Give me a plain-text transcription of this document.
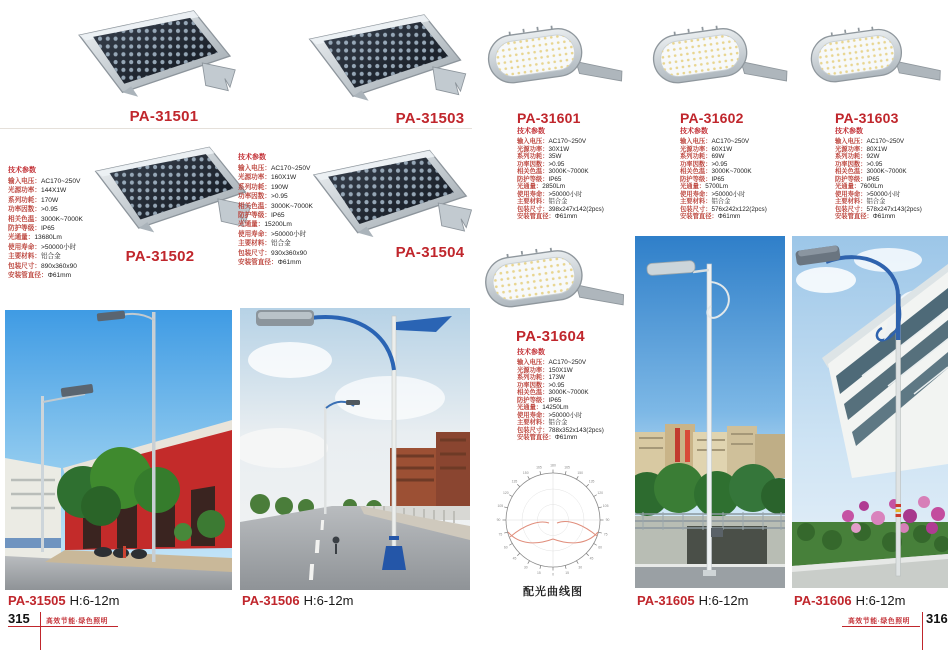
PA-31501	PA-31503
技术参数
输入电压：AC170~250V
光源功率：144X1W
系列功耗：170W
功率因数：>0.95
相关色温：3000K~7000K
防护等级：IP65
光通量：13680Lm
使用寿命：>50000小时
主要材料：铝合金
包装尺寸：890x360x90
安装管直径：Φ61mm
PA-31502
技术参数
输入电压：AC170~250V
光源功率：160X1W
系列功耗：190W
功率因数：>0.95
相关色温：3000K~7000K
防护等级：IP65
光通量：15200Lm
使用寿命：>50000小时
主要材料：铝合金
包装尺寸：930x360x90
安装管直径：Φ61mm
PA-31504
PA-31505 H:6-12m	PA-31506 H:6-12m
315 高效节能·绿色照明
PA-31601
技术参数
输入电压：AC170~250V
光源功率：30X1W
系列功耗：35W
功率因数：>0.95
相关色温：3000K~7000K
防护等级：IP65
光通量：2850Lm
使用寿命：>50000小时
主要材料：铝合金
包装尺寸：398x247x142(2pcs)
安装管直径：Φ61mm
PA-31602
技术参数
输入电压：AC170~250V
光源功率：60X1W
系列功耗：69W
功率因数：>0.95
相关色温：3000K~7000K
防护等级：IP65
光通量：5700Lm
使用寿命：>50000小时
主要材料：铝合金
包装尺寸：576x242x122(2pcs)
安装管直径：Φ61mm
PA-31603
技术参数
输入电压：AC170~250V
光源功率：80X1W
系列功耗：92W
功率因数：>0.95
相关色温：3000K~7000K
防护等级：IP65
光通量：7600Lm
使用寿命：>50000小时
主要材料：铝合金
包装尺寸：578x247x143(2pcs)
安装管直径：Φ61mm
PA-31604
技术参数
输入电压：AC170~250V
光源功率：150X1W
系列功耗：173W
功率因数：>0.95
相关色温：3000K~7000K
防护等级：IP65
光通量：14250Lm
使用寿命：>50000小时
主要材料：铝合金
包装尺寸：788x352x143(2pcs)
安装管直径：Φ61mm
180 165
150
135
120
105
90
75
60
45
30
15
0
15
30
45
60
75
90
105
120
135
150
165
配光曲线图
PA-31605 H:6-12m	PA-31606 H:6-12m
高效节能·绿色照明 316
